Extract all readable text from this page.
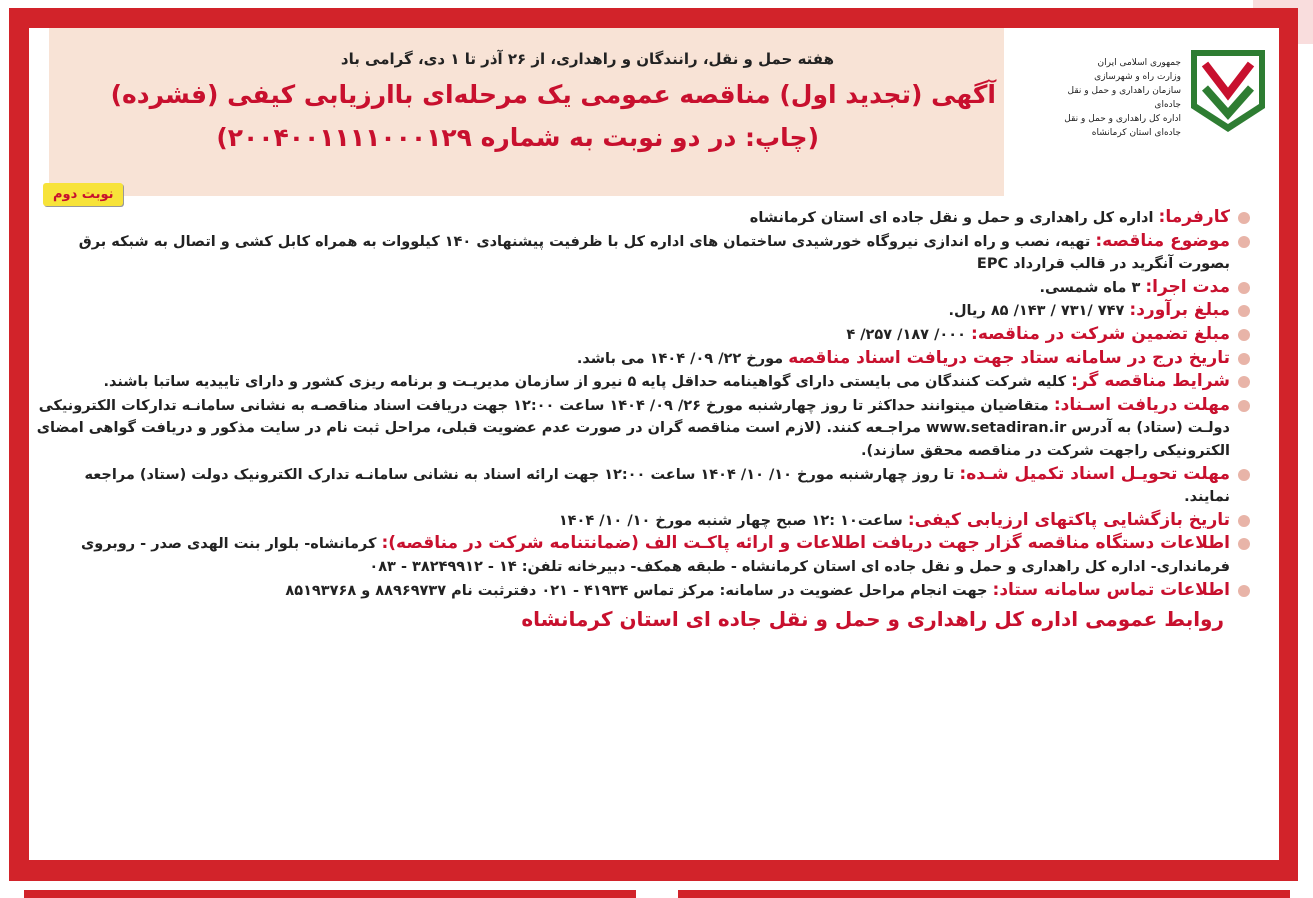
هفته حمل و نقل، رانندگان و راهداری، از ۲۶ آذر تا ۱ دی، گرامی باد
آگهی (تجدید اول) مناقصه عمومی یک مرحله‌ای باارزیابی کیفی (فشرده)
(چاپ: در دو نوبت به شماره ۲۰۰۴۰۰۱۱۱۱۰۰۰۱۲۹)
نوبت دوم
جمهوری اسلامی ایران
وزارت راه و شهرسازی
سازمان راهداری و حمل و نقل جاده‌ای
اداره کل راهداری و حمل و نقل جاده‌ای استان کرمانشاه
کارفرما: اداره کل راهداری و حمل و نقل جاده ای استان کرمانشاه
موضوع مناقصه: تهیه، نصب و راه اندازی نیروگاه خورشیدی ساختمان های اداره کل با ظرفیت پیشنهادی ۱۴۰ کیلووات به همراه کابل کشی و اتصال به شبکه برق بصورت آنگرید در قالب قرارداد EPC
مدت اجرا: ۳ ماه شمسی.
مبلغ برآورد: ۷۴۷ /۷۳۱ / ۱۴۳/ ۸۵ ریال.
مبلغ تضمین شرکت در مناقصه: ۰۰۰/ ۱۸۷/ ۲۵۷/ ۴
تاریخ درج در سامانه ستاد جهت دریافت اسناد مناقصه مورخ ۲۲/ ۰۹/ ۱۴۰۴ می باشد.
شرایط مناقصه گر: کلیه شرکت کنندگان می بایستی دارای گواهینامه حداقل پایه ۵ نیرو از سازمان مدیریـت و برنامه ریزی کشور و دارای تاییدیه ساتبا باشند.
مهلت دریافت اسـناد: متقاضیان میتوانند حداکثر تا روز چهارشنبه مورخ ۲۶/ ۰۹/ ۱۴۰۴ ساعت ۱۲:۰۰ جهت دریافت اسناد مناقصـه به نشانی سامانـه تدارکات الکترونیکی دولـت (ستاد) به آدرس www.setadiran.ir مراجـعه کنند. (لازم است مناقصه گران در صورت عدم عضویت قبلی، مراحل ثبت نام در سایت مذکور و دریافت گواهی امضای الکترونیکی راجهت شرکت در مناقصه محقق سازند).
مهلت تحویـل اسناد تکمیل شـده: تا روز چهارشنبه مورخ ۱۰/ ۱۰/ ۱۴۰۴ ساعت ۱۲:۰۰ جهت ارائه اسناد به نشانی سامانـه تدارک الکترونیک دولت (ستاد) مراجعه نمایند.
تاریخ بازگشایی پاکتهای ارزیابی کیفی: ساعت۱۰ :۱۲ صبح چهار شنبه مورخ ۱۰/ ۱۰/ ۱۴۰۴
اطلاعات دستگاه مناقصه گزار جهت دریافت اطلاعات و ارائه پاکـت الف (ضمانتنامه شرکت در مناقصه): کرمانشاه- بلوار بنت الهدی صدر - روبروی فرمانداری- اداره کل راهداری و حمل و نقل جاده ای استان کرمانشاه - طبقه همکف- دبیرخانه تلفن: ۱۴ - ۳۸۲۴۹۹۱۲ - ۰۸۳
اطلاعات تماس سامانه ستاد: جهت انجام مراحل عضویت در سامانه: مرکز تماس ۴۱۹۳۴ - ۰۲۱ دفترثبت نام ۸۸۹۶۹۷۳۷ و ۸۵۱۹۳۷۶۸
روابط عمومی اداره کل راهداری و حمل و نقل جاده ای استان کرمانشاه
